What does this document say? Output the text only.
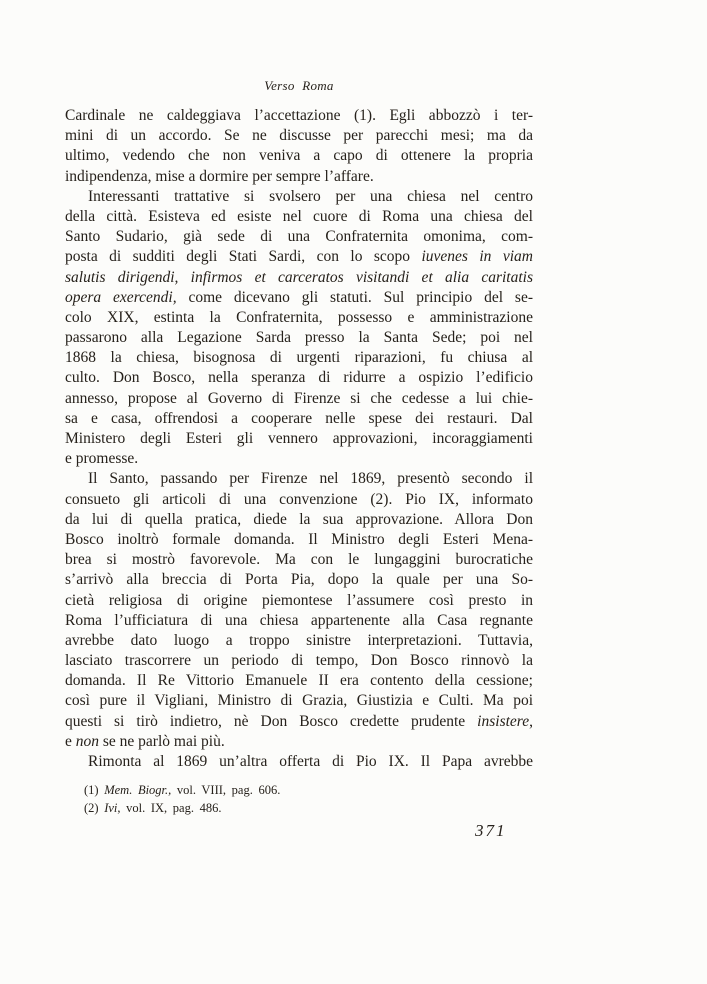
Verso Roma
Cardinale ne caldeggiava l’accettazione (1). Egli abbozzò i ter-
mini di un accordo. Se ne discusse per parecchi mesi; ma da
ultimo, vedendo che non veniva a capo di ottenere la propria
indipendenza, mise a dormire per sempre l’affare.
Interessanti trattative si svolsero per una chiesa nel centro
della città. Esisteva ed esiste nel cuore di Roma una chiesa del
Santo Sudario, già sede di una Confraternita omonima, com-
posta di sudditi degli Stati Sardi, con lo scopo iuvenes in viam
salutis dirigendi, infirmos et carceratos visitandi et alia caritatis
opera exercendi, come dicevano gli statuti. Sul principio del se-
colo XIX, estinta la Confraternita, possesso e amministrazione
passarono alla Legazione Sarda presso la Santa Sede; poi nel
1868 la chiesa, bisognosa di urgenti riparazioni, fu chiusa al
culto. Don Bosco, nella speranza di ridurre a ospizio l’edificio
annesso, propose al Governo di Firenze si che cedesse a lui chie-
sa e casa, offrendosi a cooperare nelle spese dei restauri. Dal
Ministero degli Esteri gli vennero approvazioni, incoraggiamenti
e promesse.
Il Santo, passando per Firenze nel 1869, presentò secondo il
consueto gli articoli di una convenzione (2). Pio IX, informato
da lui di quella pratica, diede la sua approvazione. Allora Don
Bosco inoltrò formale domanda. Il Ministro degli Esteri Mena-
brea si mostrò favorevole. Ma con le lungaggini burocratiche
s’arrivò alla breccia di Porta Pia, dopo la quale per una So-
cietà religiosa di origine piemontese l’assumere così presto in
Roma l’ufficiatura di una chiesa appartenente alla Casa regnante
avrebbe dato luogo a troppo sinistre interpretazioni. Tuttavia,
lasciato trascorrere un periodo di tempo, Don Bosco rinnovò la
domanda. Il Re Vittorio Emanuele II era contento della cessione;
così pure il Vigliani, Ministro di Grazia, Giustizia e Culti. Ma poi
questi si tirò indietro, nè Don Bosco credette prudente insistere,
e non se ne parlò mai più.
Rimonta al 1869 un’altra offerta di Pio IX. Il Papa avrebbe
(1) Mem. Biogr., vol. VIII, pag. 606.
(2) Ivi, vol. IX, pag. 486.
371
